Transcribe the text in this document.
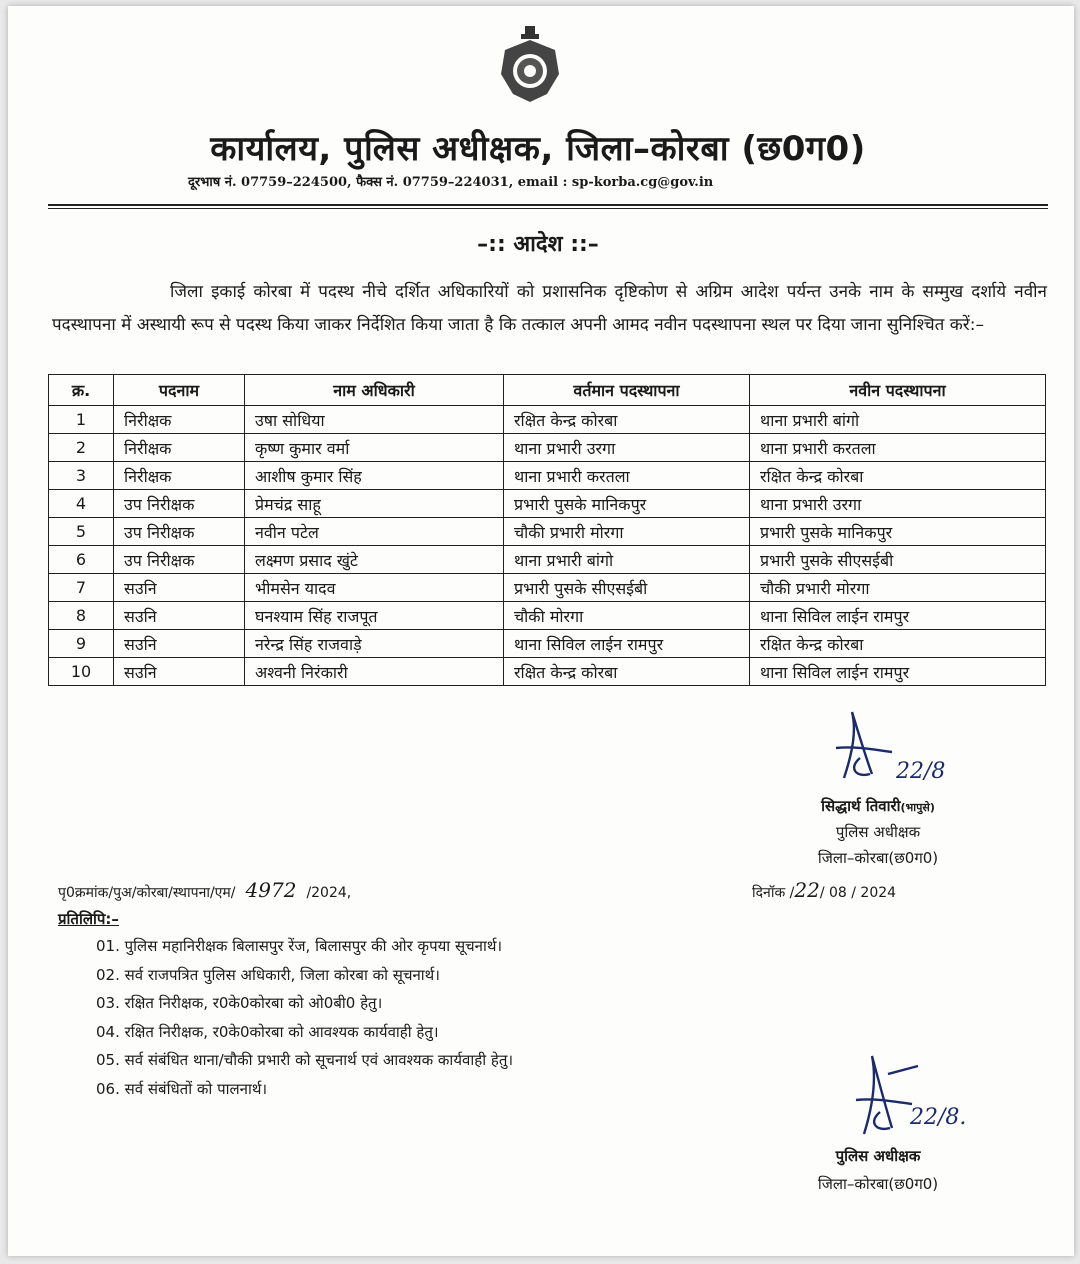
कार्यालय, पुलिस अधीक्षक, जिला–कोरबा (छ0ग0)
दूरभाष नं. 07759–224500, फैक्स नं. 07759–224031, email : sp-korba.cg@gov.in
–:: आदेश ::–

जिला इकाई कोरबा में पदस्थ नीचे दर्शित अधिकारियों को प्रशासनिक दृष्टिकोण से अग्रिम आदेश पर्यन्त उनके नाम के सम्मुख दर्शाये नवीन पदस्थापना में अस्थायी रूप से पदस्थ किया जाकर निर्देशित किया जाता है कि तत्काल अपनी आमद नवीन पदस्थापना स्थल पर दिया जाना सुनिश्चित करें:–

क्र.	पदनाम	नाम अधिकारी	वर्तमान पदस्थापना	नवीन पदस्थापना
1	निरीक्षक	उषा सोधिया	रक्षित केन्द्र कोरबा	थाना प्रभारी बांगो
2	निरीक्षक	कृष्ण कुमार वर्मा	थाना प्रभारी उरगा	थाना प्रभारी करतला
3	निरीक्षक	आशीष कुमार सिंह	थाना प्रभारी करतला	रक्षित केन्द्र कोरबा
4	उप निरीक्षक	प्रेमचंद्र साहू	प्रभारी पुसके मानिकपुर	थाना प्रभारी उरगा
5	उप निरीक्षक	नवीन पटेल	चौकी प्रभारी मोरगा	प्रभारी पुसके मानिकपुर
6	उप निरीक्षक	लक्ष्मण प्रसाद खुंटे	थाना प्रभारी बांगो	प्रभारी पुसके सीएसईबी
7	सउनि	भीमसेन यादव	प्रभारी पुसके सीएसईबी	चौकी प्रभारी मोरगा
8	सउनि	घनश्याम सिंह राजपूत	चौकी मोरगा	थाना सिविल लाईन रामपुर
9	सउनि	नरेन्द्र सिंह राजवाड़े	थाना सिविल लाईन रामपुर	रक्षित केन्द्र कोरबा
10	सउनि	अश्वनी निरंकारी	रक्षित केन्द्र कोरबा	थाना सिविल लाईन रामपुर
22/8
सिद्धार्थ तिवारी(भापुसे)
पुलिस अधीक्षक
जिला–कोरबा(छ0ग0)
पृ0क्रमांक/पुअ/कोरबा/स्थापना/एम/ 4972 /2024,	दिनॉक /22/ 08 / 2024
प्रतिलिपि:–
01. पुलिस महानिरीक्षक बिलासपुर रेंज, बिलासपुर की ओर कृपया सूचनार्थ।
02. सर्व राजपत्रित पुलिस अधिकारी, जिला कोरबा को सूचनार्थ।
03. रक्षित निरीक्षक, र0के0कोरबा को ओ0बी0 हेतु।
04. रक्षित निरीक्षक, र0के0कोरबा को आवश्यक कार्यवाही हेतु।
05. सर्व संबंधित थाना/चौकी प्रभारी को सूचनार्थ एवं आवश्यक कार्यवाही हेतु।
06. सर्व संबंधितों को पालनार्थ।
22/8.
पुलिस अधीक्षक
जिला–कोरबा(छ0ग0)
